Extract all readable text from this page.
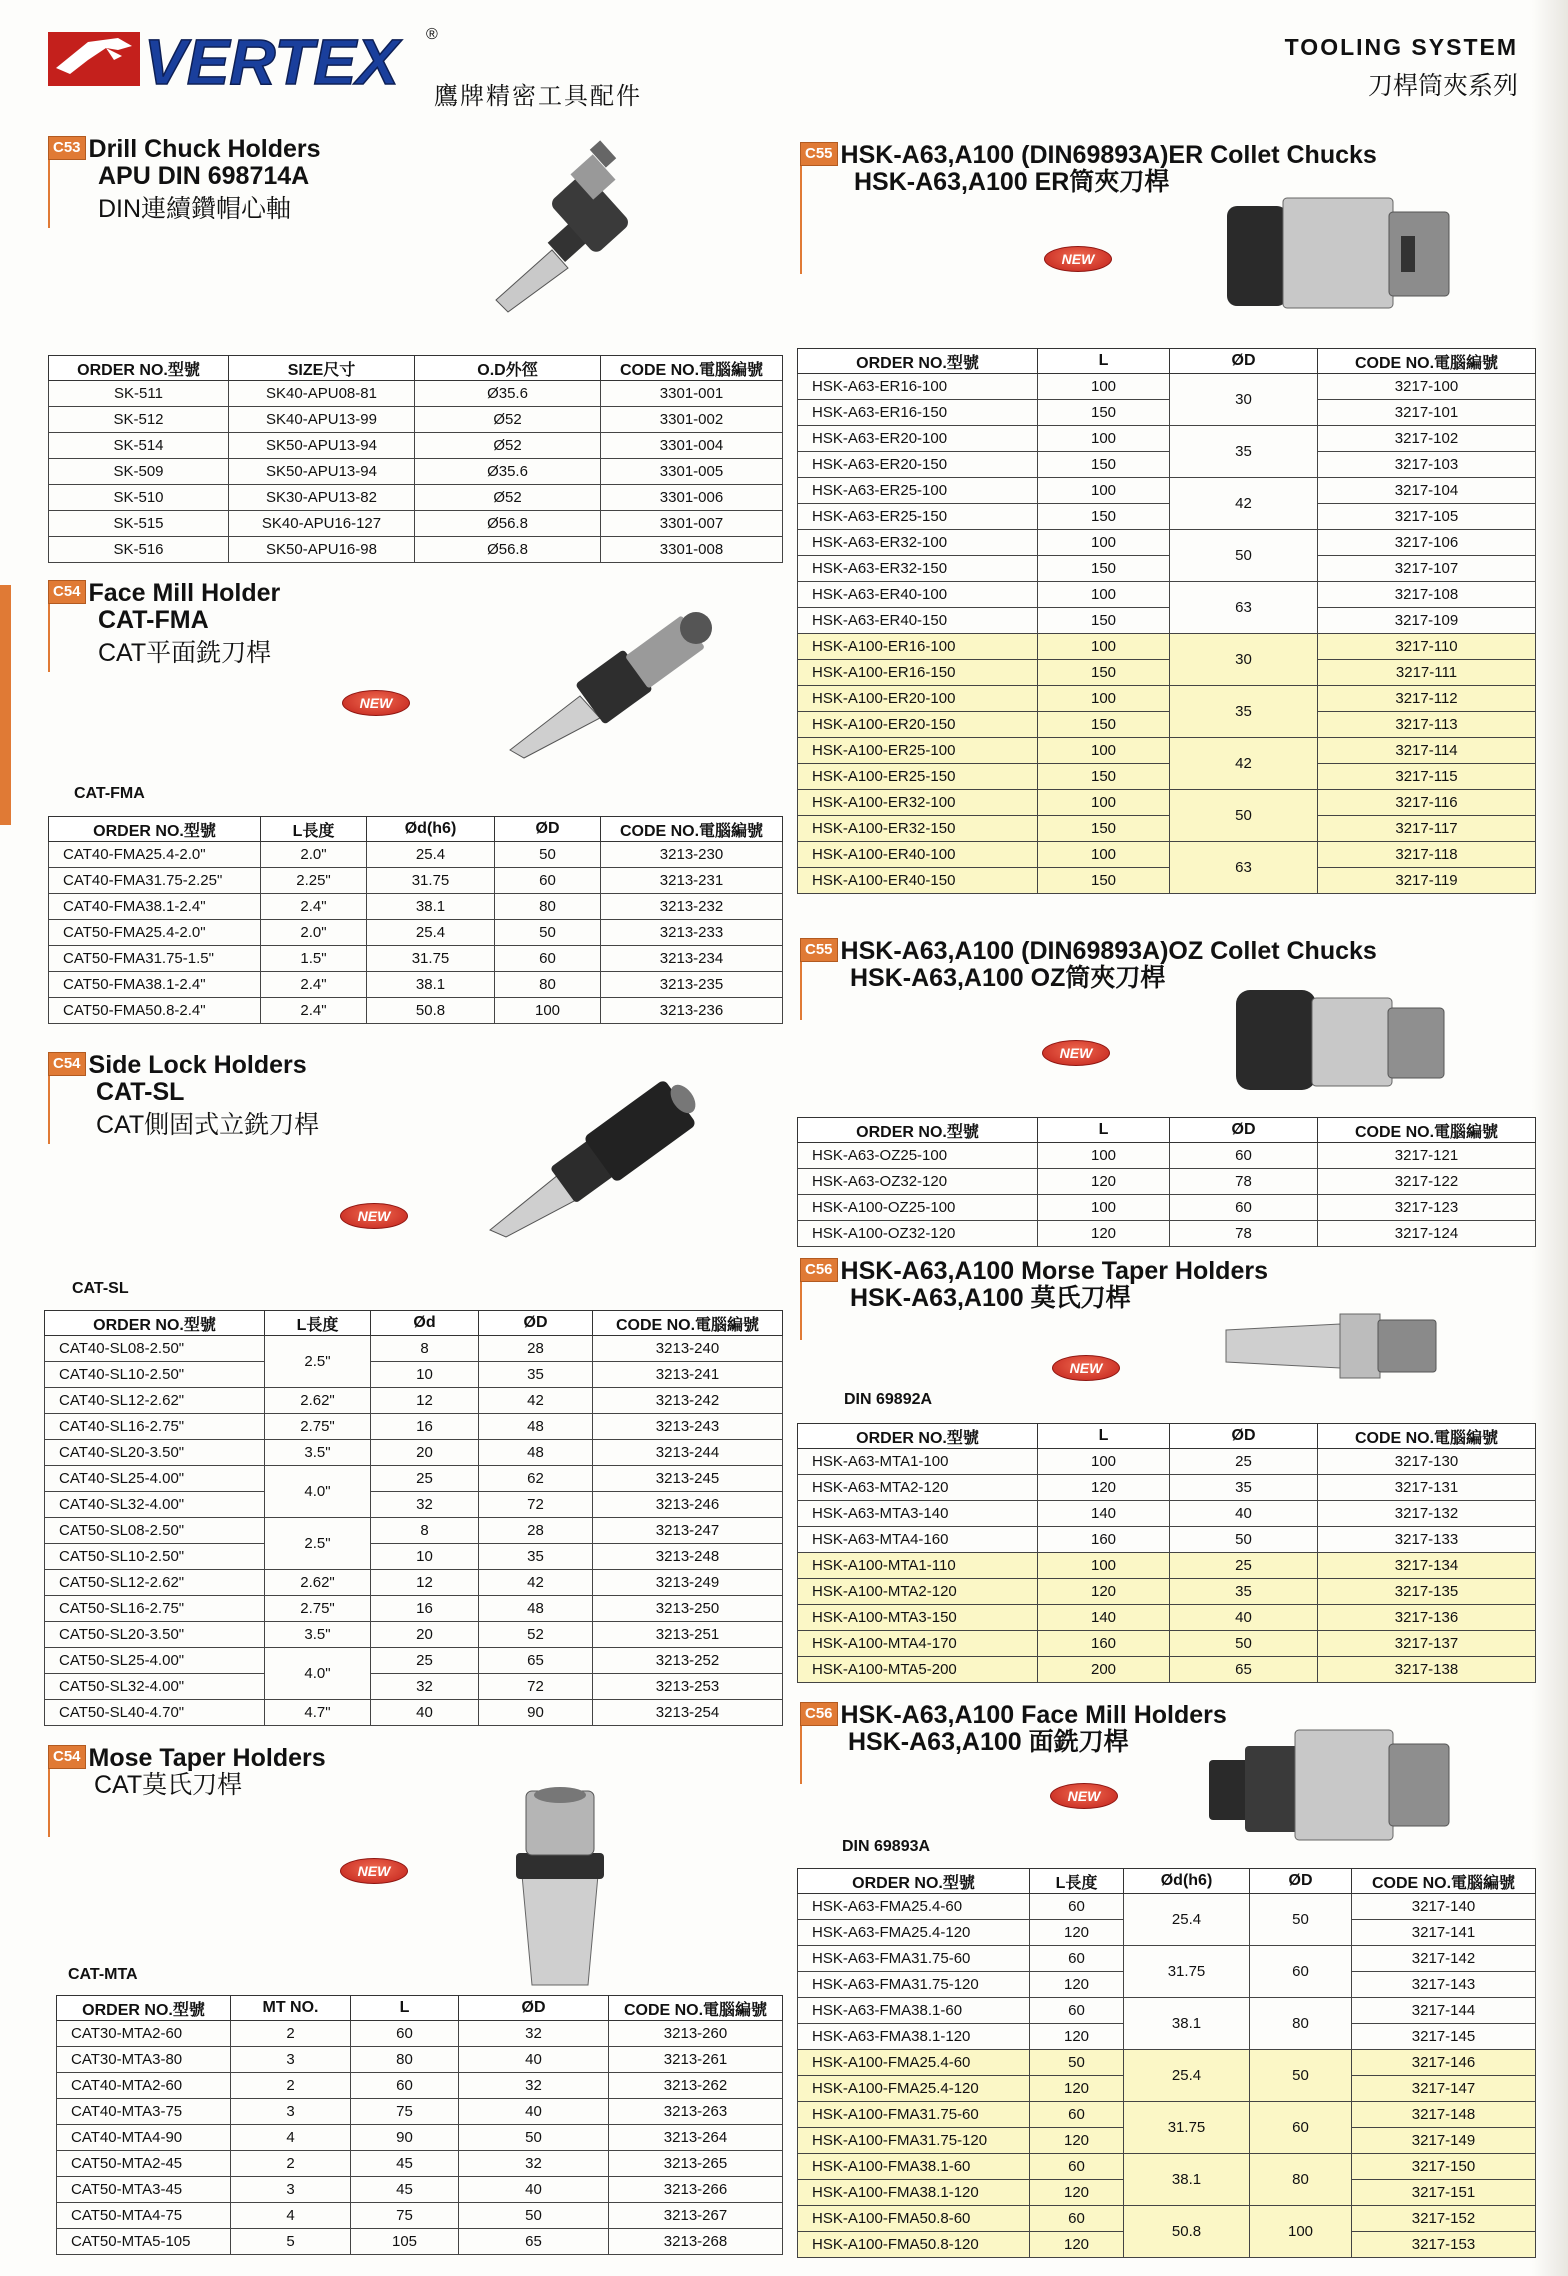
VERTEX ®
鷹牌精密工具配件
TOOLING SYSTEM
刀桿筒夾系列
C53 Drill Chuck Holders
APU DIN 698714A
DIN連續鑽帽心軸
ORDER NO.型號	SIZE尺寸	O.D外徑	CODE NO.電腦編號
SK-511	SK40-APU08-81	Ø35.6	3301-001
SK-512	SK40-APU13-99	Ø52	3301-002
SK-514	SK50-APU13-94	Ø52	3301-004
SK-509	SK50-APU13-94	Ø35.6	3301-005
SK-510	SK30-APU13-82	Ø52	3301-006
SK-515	SK40-APU16-127	Ø56.8	3301-007
SK-516	SK50-APU16-98	Ø56.8	3301-008
C54 Face Mill Holder
CAT-FMA
CAT平面銑刀桿
NEW
CAT-FMA
ORDER NO.型號	L長度	Ød(h6)	ØD	CODE NO.電腦編號
CAT40-FMA25.4-2.0"	2.0"	25.4	50	3213-230
CAT40-FMA31.75-2.25"	2.25"	31.75	60	3213-231
CAT40-FMA38.1-2.4"	2.4"	38.1	80	3213-232
CAT50-FMA25.4-2.0"	2.0"	25.4	50	3213-233
CAT50-FMA31.75-1.5"	1.5"	31.75	60	3213-234
CAT50-FMA38.1-2.4"	2.4"	38.1	80	3213-235
CAT50-FMA50.8-2.4"	2.4"	50.8	100	3213-236
C54 Side Lock Holders
CAT-SL
CAT側固式立銑刀桿
NEW
CAT-SL
ORDER NO.型號	L長度	Ød	ØD	CODE NO.電腦編號
CAT40-SL08-2.50"	2.5"	8	28	3213-240
CAT40-SL10-2.50"		10	35	3213-241
CAT40-SL12-2.62"	2.62"	12	42	3213-242
CAT40-SL16-2.75"	2.75"	16	48	3213-243
CAT40-SL20-3.50"	3.5"	20	48	3213-244
CAT40-SL25-4.00"	4.0"	25	62	3213-245
CAT40-SL32-4.00"		32	72	3213-246
CAT50-SL08-2.50"	2.5"	8	28	3213-247
CAT50-SL10-2.50"		10	35	3213-248
CAT50-SL12-2.62"	2.62"	12	42	3213-249
CAT50-SL16-2.75"	2.75"	16	48	3213-250
CAT50-SL20-3.50"	3.5"	20	52	3213-251
CAT50-SL25-4.00"	4.0"	25	65	3213-252
CAT50-SL32-4.00"		32	72	3213-253
CAT50-SL40-4.70"	4.7"	40	90	3213-254
C54 Mose Taper Holders
CAT莫氏刀桿
NEW
CAT-MTA
ORDER NO.型號	MT NO.	L	ØD	CODE NO.電腦編號
CAT30-MTA2-60	2	60	32	3213-260
CAT30-MTA3-80	3	80	40	3213-261
CAT40-MTA2-60	2	60	32	3213-262
CAT40-MTA3-75	3	75	40	3213-263
CAT40-MTA4-90	4	90	50	3213-264
CAT50-MTA2-45	2	45	32	3213-265
CAT50-MTA3-45	3	45	40	3213-266
CAT50-MTA4-75	4	75	50	3213-267
CAT50-MTA5-105	5	105	65	3213-268
C55 HSK-A63,A100 (DIN69893A)ER Collet Chucks
HSK-A63,A100 ER筒夾刀桿
NEW
ORDER NO.型號	L	ØD	CODE NO.電腦編號
HSK-A63-ER16-100	100	30	3217-100
HSK-A63-ER16-150	150		3217-101
HSK-A63-ER20-100	100	35	3217-102
HSK-A63-ER20-150	150		3217-103
HSK-A63-ER25-100	100	42	3217-104
HSK-A63-ER25-150	150		3217-105
HSK-A63-ER32-100	100	50	3217-106
HSK-A63-ER32-150	150		3217-107
HSK-A63-ER40-100	100	63	3217-108
HSK-A63-ER40-150	150		3217-109
HSK-A100-ER16-100	100	30	3217-110
HSK-A100-ER16-150	150		3217-111
HSK-A100-ER20-100	100	35	3217-112
HSK-A100-ER20-150	150		3217-113
HSK-A100-ER25-100	100	42	3217-114
HSK-A100-ER25-150	150		3217-115
HSK-A100-ER32-100	100	50	3217-116
HSK-A100-ER32-150	150		3217-117
HSK-A100-ER40-100	100	63	3217-118
HSK-A100-ER40-150	150		3217-119
C55 HSK-A63,A100 (DIN69893A)OZ Collet Chucks
HSK-A63,A100 OZ筒夾刀桿
NEW
ORDER NO.型號	L	ØD	CODE NO.電腦編號
HSK-A63-OZ25-100	100	60	3217-121
HSK-A63-OZ32-120	120	78	3217-122
HSK-A100-OZ25-100	100	60	3217-123
HSK-A100-OZ32-120	120	78	3217-124
C56 HSK-A63,A100 Morse Taper Holders
HSK-A63,A100 莫氏刀桿
NEW
DIN 69892A
ORDER NO.型號	L	ØD	CODE NO.電腦編號
HSK-A63-MTA1-100	100	25	3217-130
HSK-A63-MTA2-120	120	35	3217-131
HSK-A63-MTA3-140	140	40	3217-132
HSK-A63-MTA4-160	160	50	3217-133
HSK-A100-MTA1-110	100	25	3217-134
HSK-A100-MTA2-120	120	35	3217-135
HSK-A100-MTA3-150	140	40	3217-136
HSK-A100-MTA4-170	160	50	3217-137
HSK-A100-MTA5-200	200	65	3217-138
C56 HSK-A63,A100 Face Mill Holders
HSK-A63,A100 面銑刀桿
NEW
DIN 69893A
ORDER NO.型號	L長度	Ød(h6)	ØD	CODE NO.電腦編號
HSK-A63-FMA25.4-60	60	25.4	50	3217-140
HSK-A63-FMA25.4-120	120			3217-141
HSK-A63-FMA31.75-60	60	31.75	60	3217-142
HSK-A63-FMA31.75-120	120			3217-143
HSK-A63-FMA38.1-60	60	38.1	80	3217-144
HSK-A63-FMA38.1-120	120			3217-145
HSK-A100-FMA25.4-60	50	25.4	50	3217-146
HSK-A100-FMA25.4-120	120			3217-147
HSK-A100-FMA31.75-60	60	31.75	60	3217-148
HSK-A100-FMA31.75-120	120			3217-149
HSK-A100-FMA38.1-60	60	38.1	80	3217-150
HSK-A100-FMA38.1-120	120			3217-151
HSK-A100-FMA50.8-60	60	50.8	100	3217-152
HSK-A100-FMA50.8-120	120			3217-153
